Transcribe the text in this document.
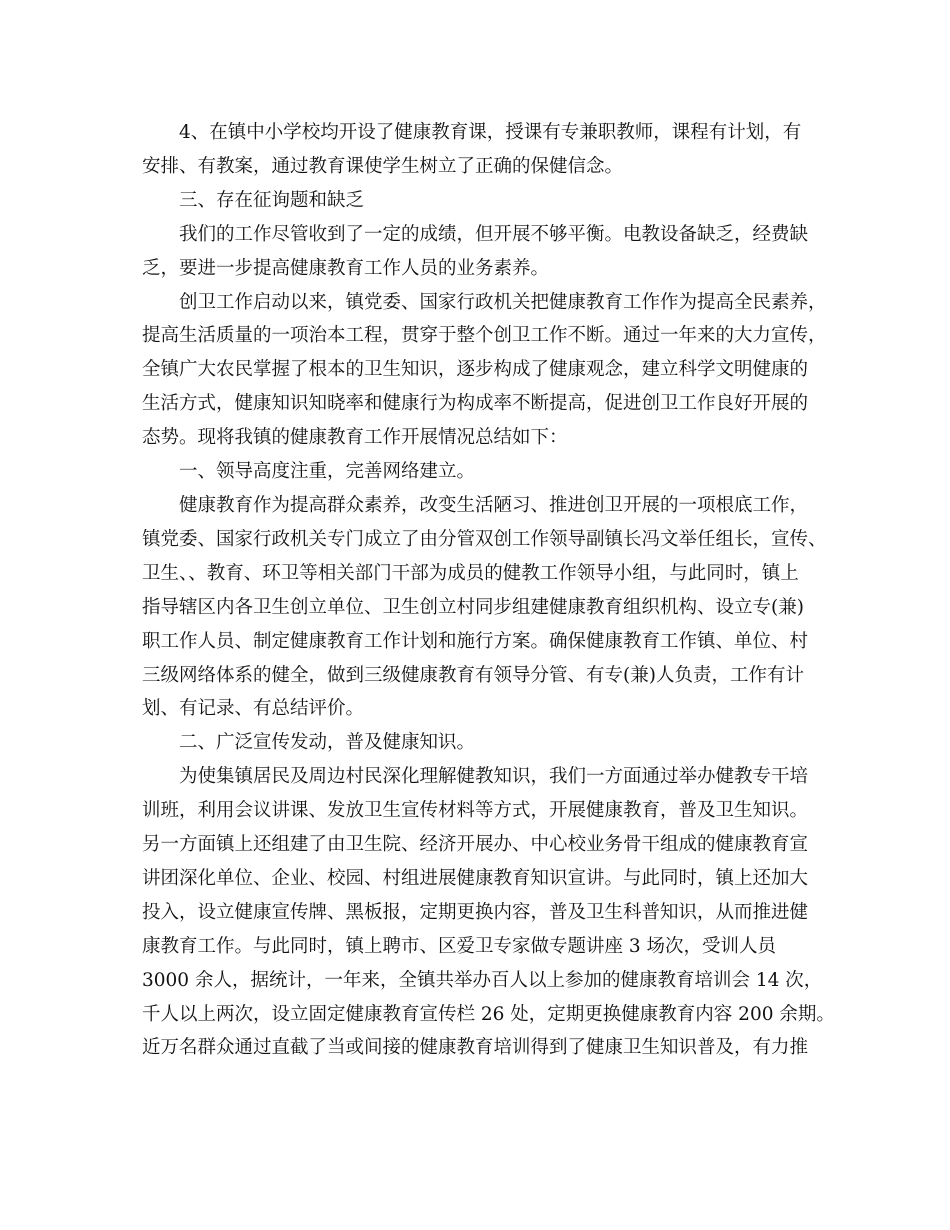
4、在镇中小学校均开设了健康教育课，授课有专兼职教师，课程有计划，有

安排、有教案，通过教育课使学生树立了正确的保健信念。

三、存在征询题和缺乏

我们的工作尽管收到了一定的成绩，但开展不够平衡。电教设备缺乏，经费缺

乏，要进一步提高健康教育工作人员的业务素养。

创卫工作启动以来，镇党委、国家行政机关把健康教育工作作为提高全民素养，

提高生活质量的一项治本工程，贯穿于整个创卫工作不断。通过一年来的大力宣传，

全镇广大农民掌握了根本的卫生知识，逐步构成了健康观念，建立科学文明健康的

生活方式，健康知识知晓率和健康行为构成率不断提高，促进创卫工作良好开展的

态势。现将我镇的健康教育工作开展情况总结如下：

一、领导高度注重，完善网络建立。

健康教育作为提高群众素养，改变生活陋习、推进创卫开展的一项根底工作，

镇党委、国家行政机关专门成立了由分管双创工作领导副镇长冯文举任组长，宣传、

卫生、、教育、环卫等相关部门干部为成员的健教工作领导小组，与此同时，镇上

指导辖区内各卫生创立单位、卫生创立村同步组建健康教育组织机构、设立专(兼)

职工作人员、制定健康教育工作计划和施行方案。确保健康教育工作镇、单位、村

三级网络体系的健全，做到三级健康教育有领导分管、有专(兼)人负责，工作有计

划、有记录、有总结评价。

二、广泛宣传发动，普及健康知识。

为使集镇居民及周边村民深化理解健教知识，我们一方面通过举办健教专干培

训班，利用会议讲课、发放卫生宣传材料等方式，开展健康教育，普及卫生知识。

另一方面镇上还组建了由卫生院、经济开展办、中心校业务骨干组成的健康教育宣

讲团深化单位、企业、校园、村组进展健康教育知识宣讲。与此同时，镇上还加大

投入，设立健康宣传牌、黑板报，定期更换内容，普及卫生科普知识，从而推进健

康教育工作。与此同时，镇上聘市、区爱卫专家做专题讲座 3 场次，受训人员

3000 余人，据统计，一年来，全镇共举办百人以上参加的健康教育培训会 14 次，

千人以上两次，设立固定健康教育宣传栏 26 处，定期更换健康教育内容 200 余期。

近万名群众通过直截了当或间接的健康教育培训得到了健康卫生知识普及，有力推
